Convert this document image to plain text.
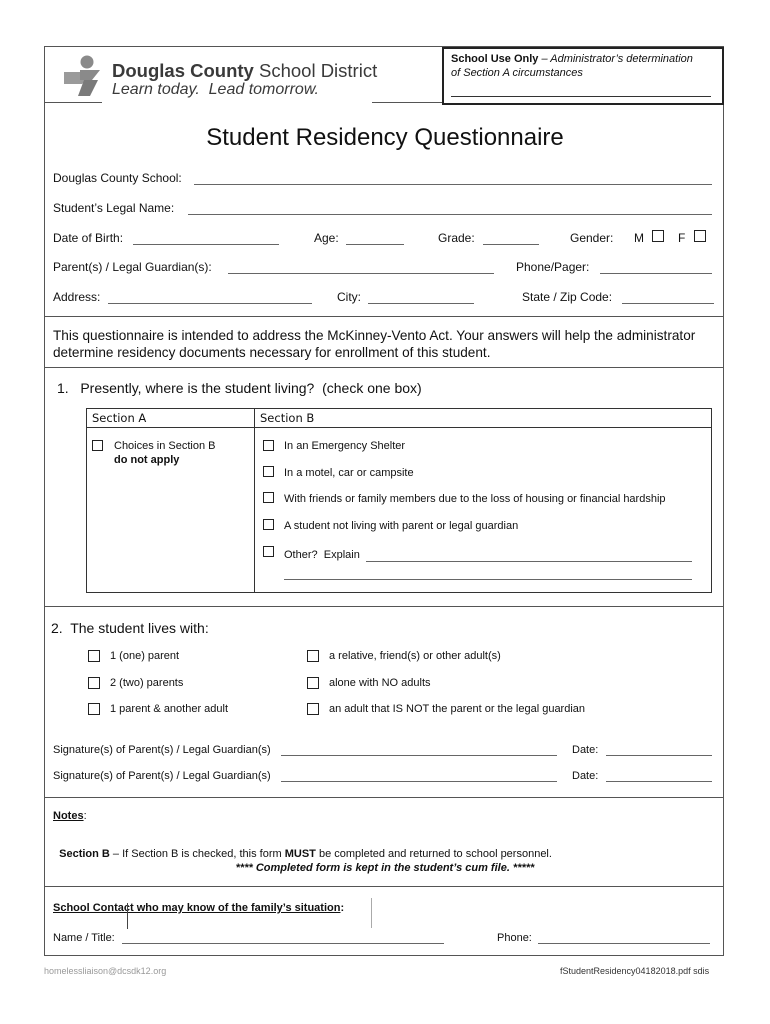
Douglas County School District
Learn today.  Lead tomorrow.
School Use Only – Administrator’s determination
of Section A circumstances
Student Residency Questionnaire
Douglas County School:
Student’s Legal Name:
Date of Birth:	Age:	Grade:	Gender: M	F
Parent(s) / Legal Guardian(s):	Phone/Pager:
Address:	City:	State / Zip Code:
This questionnaire is intended to address the McKinney-Vento Act. Your answers will help the administrator determine residency documents necessary for enrollment of this student.
1.   Presently, where is the student living?  (check one box)
Section A	Section B
Choices in Section B
do not apply
In an Emergency Shelter
In a motel, car or campsite
With friends or family members due to the loss of housing or financial hardship
A student not living with parent or legal guardian
Other?  Explain
2.  The student lives with:
1 (one) parent
2 (two) parents
1 parent & another adult
a relative, friend(s) or other adult(s)
alone with NO adults
an adult that IS NOT the parent or the legal guardian
Signature(s) of Parent(s) / Legal Guardian(s)	Date:
Signature(s) of Parent(s) / Legal Guardian(s)	Date:
Notes:

Section B – If Section B is checked, this form MUST be completed and returned to school personnel.

**** Completed form is kept in the student’s cum file. *****
School Contact who may know of the family’s situation:
Name / Title:	Phone:
homelessliaison@dcsdk12.org	fStudentResidency04182018.pdf sdis
